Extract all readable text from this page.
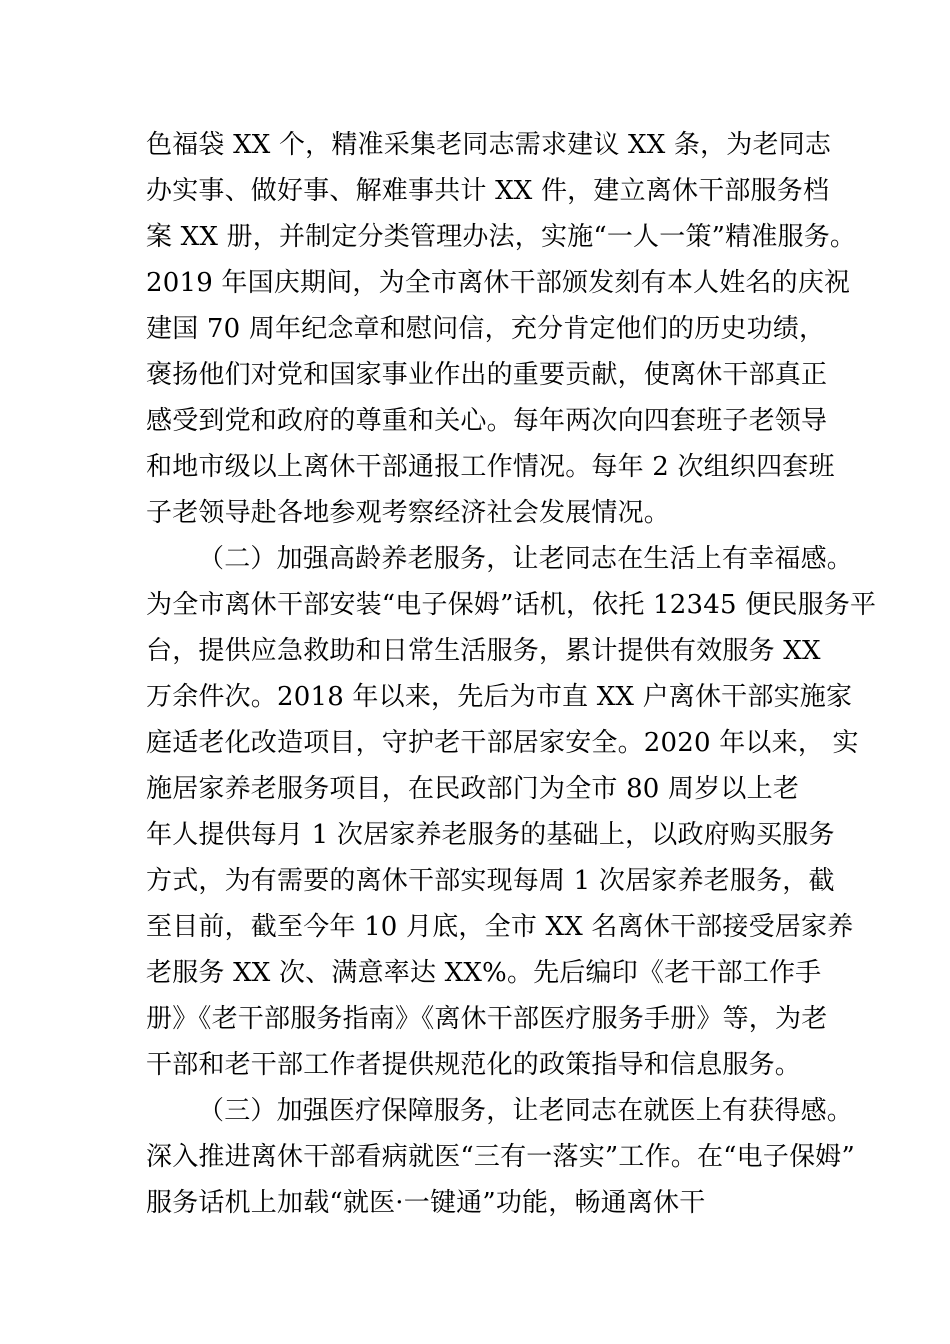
色福袋 XX 个，精准采集老同志需求建议 XX 条，为老同志
办实事、做好事、解难事共计 XX 件，建立离休干部服务档
案 XX 册，并制定分类管理办法，实施“一人一策”精准服务。
2019 年国庆期间，为全市离休干部颁发刻有本人姓名的庆祝
建国 70 周年纪念章和慰问信，充分肯定他们的历史功绩，
褒扬他们对党和国家事业作出的重要贡献，使离休干部真正
感受到党和政府的尊重和关心。每年两次向四套班子老领导
和地市级以上离休干部通报工作情况。每年 2 次组织四套班
子老领导赴各地参观考察经济社会发展情况。
（二）加强高龄养老服务，让老同志在生活上有幸福感。
为全市离休干部安装“电子保姆”话机，依托 12345 便民服务平
台，提供应急救助和日常生活服务，累计提供有效服务 XX
万余件次。2018 年以来，先后为市直 XX 户离休干部实施家
庭适老化改造项目，守护老干部居家安全。2020 年以来， 实
施居家养老服务项目，在民政部门为全市 80 周岁以上老
年人提供每月 1 次居家养老服务的基础上，以政府购买服务
方式，为有需要的离休干部实现每周 1 次居家养老服务，截
至目前，截至今年 10 月底，全市 XX 名离休干部接受居家养
老服务 XX 次、满意率达 XX%。先后编印《老干部工作手
册》《老干部服务指南》《离休干部医疗服务手册》等，为老
干部和老干部工作者提供规范化的政策指导和信息服务。
（三）加强医疗保障服务，让老同志在就医上有获得感。
深入推进离休干部看病就医“三有一落实”工作。在“电子保姆”
服务话机上加载“就医·一键通”功能，畅通离休干
